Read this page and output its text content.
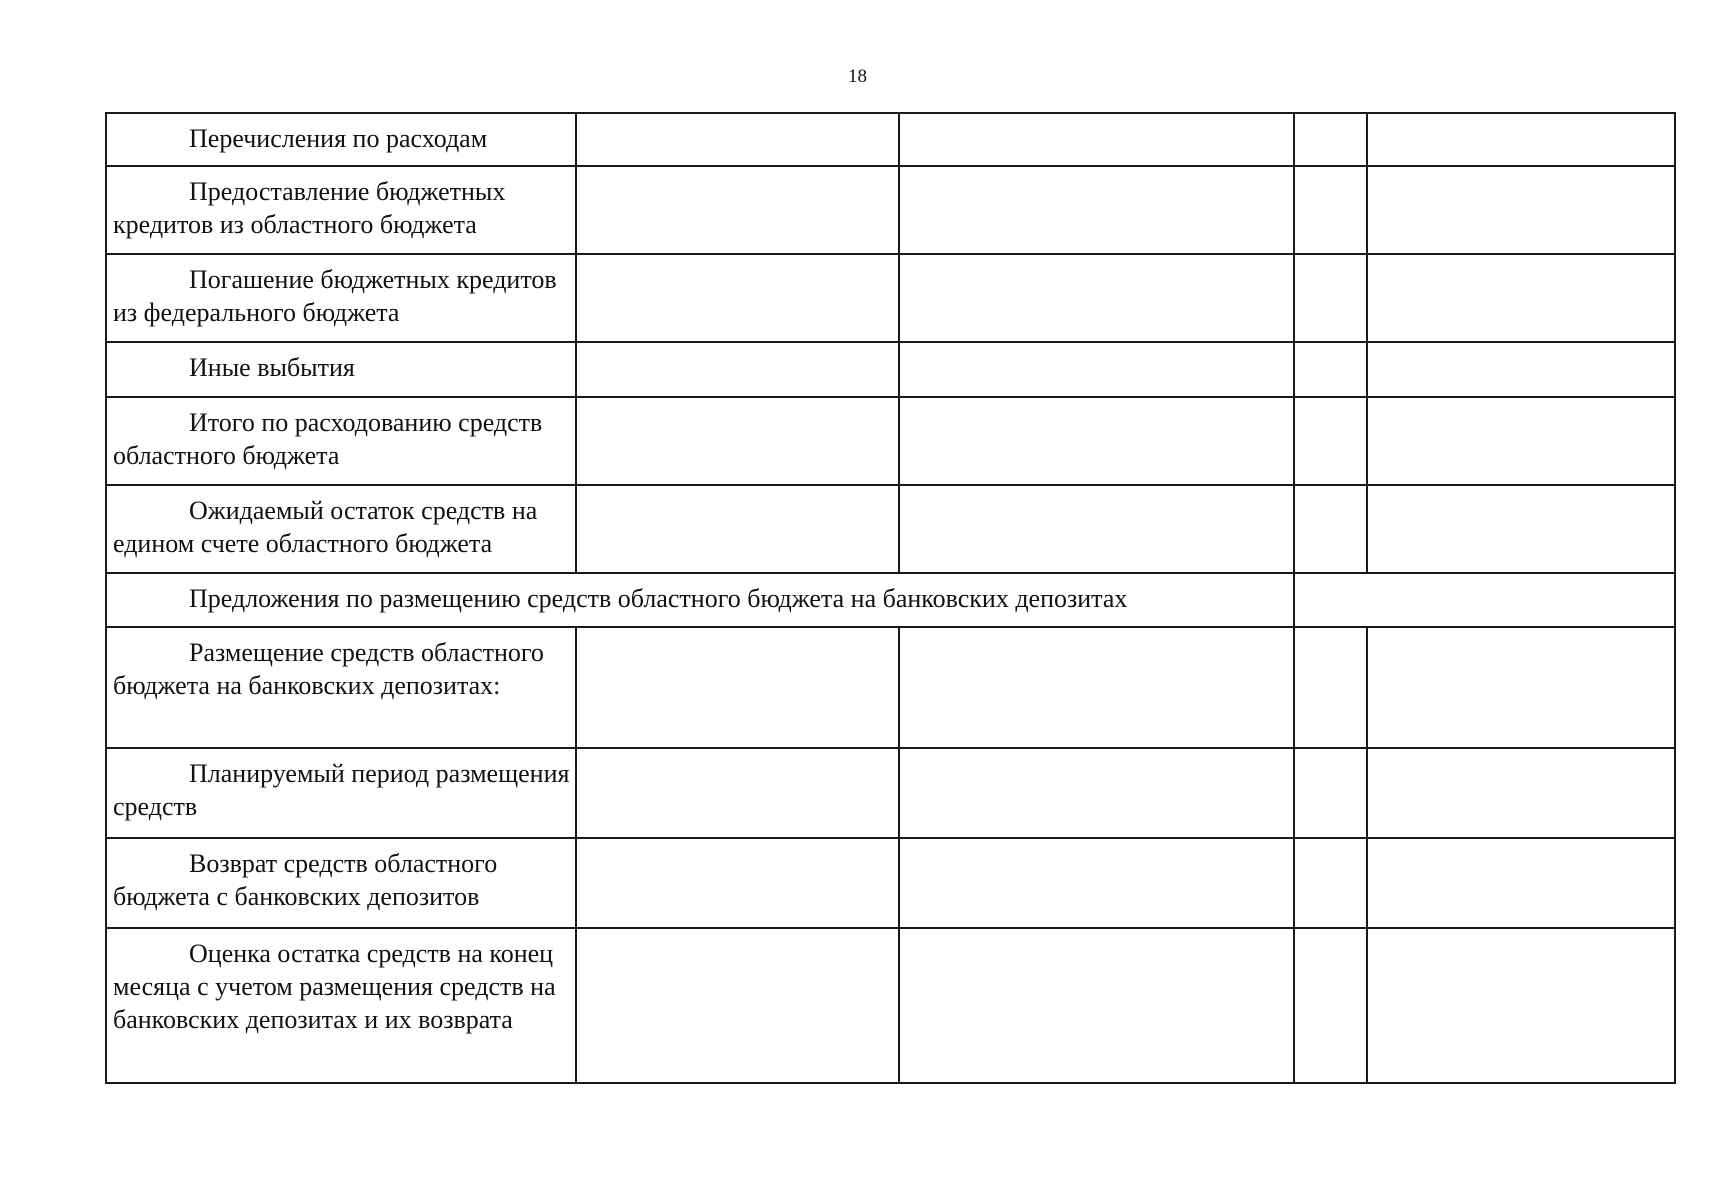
18
Перечисления по расходам				

Предоставление бюджетных кредитов из областного бюджета				

Погашение бюджетных кредитов из федерального бюджета				

Иные выбытия				

Итого по расходованию средств областного бюджета				

Ожидаемый остаток средств на едином счете областного бюджета				

Предложения по размещению средств областного бюджета на банковских депозитах				

Размещение средств областного бюджета на банковских депозитах:				

Планируемый период размещения средств				

Возврат средств областного бюджета с банковских депозитов				

Оценка остатка средств на конец месяца с учетом размещения средств на банковских депозитах и их возврата				
